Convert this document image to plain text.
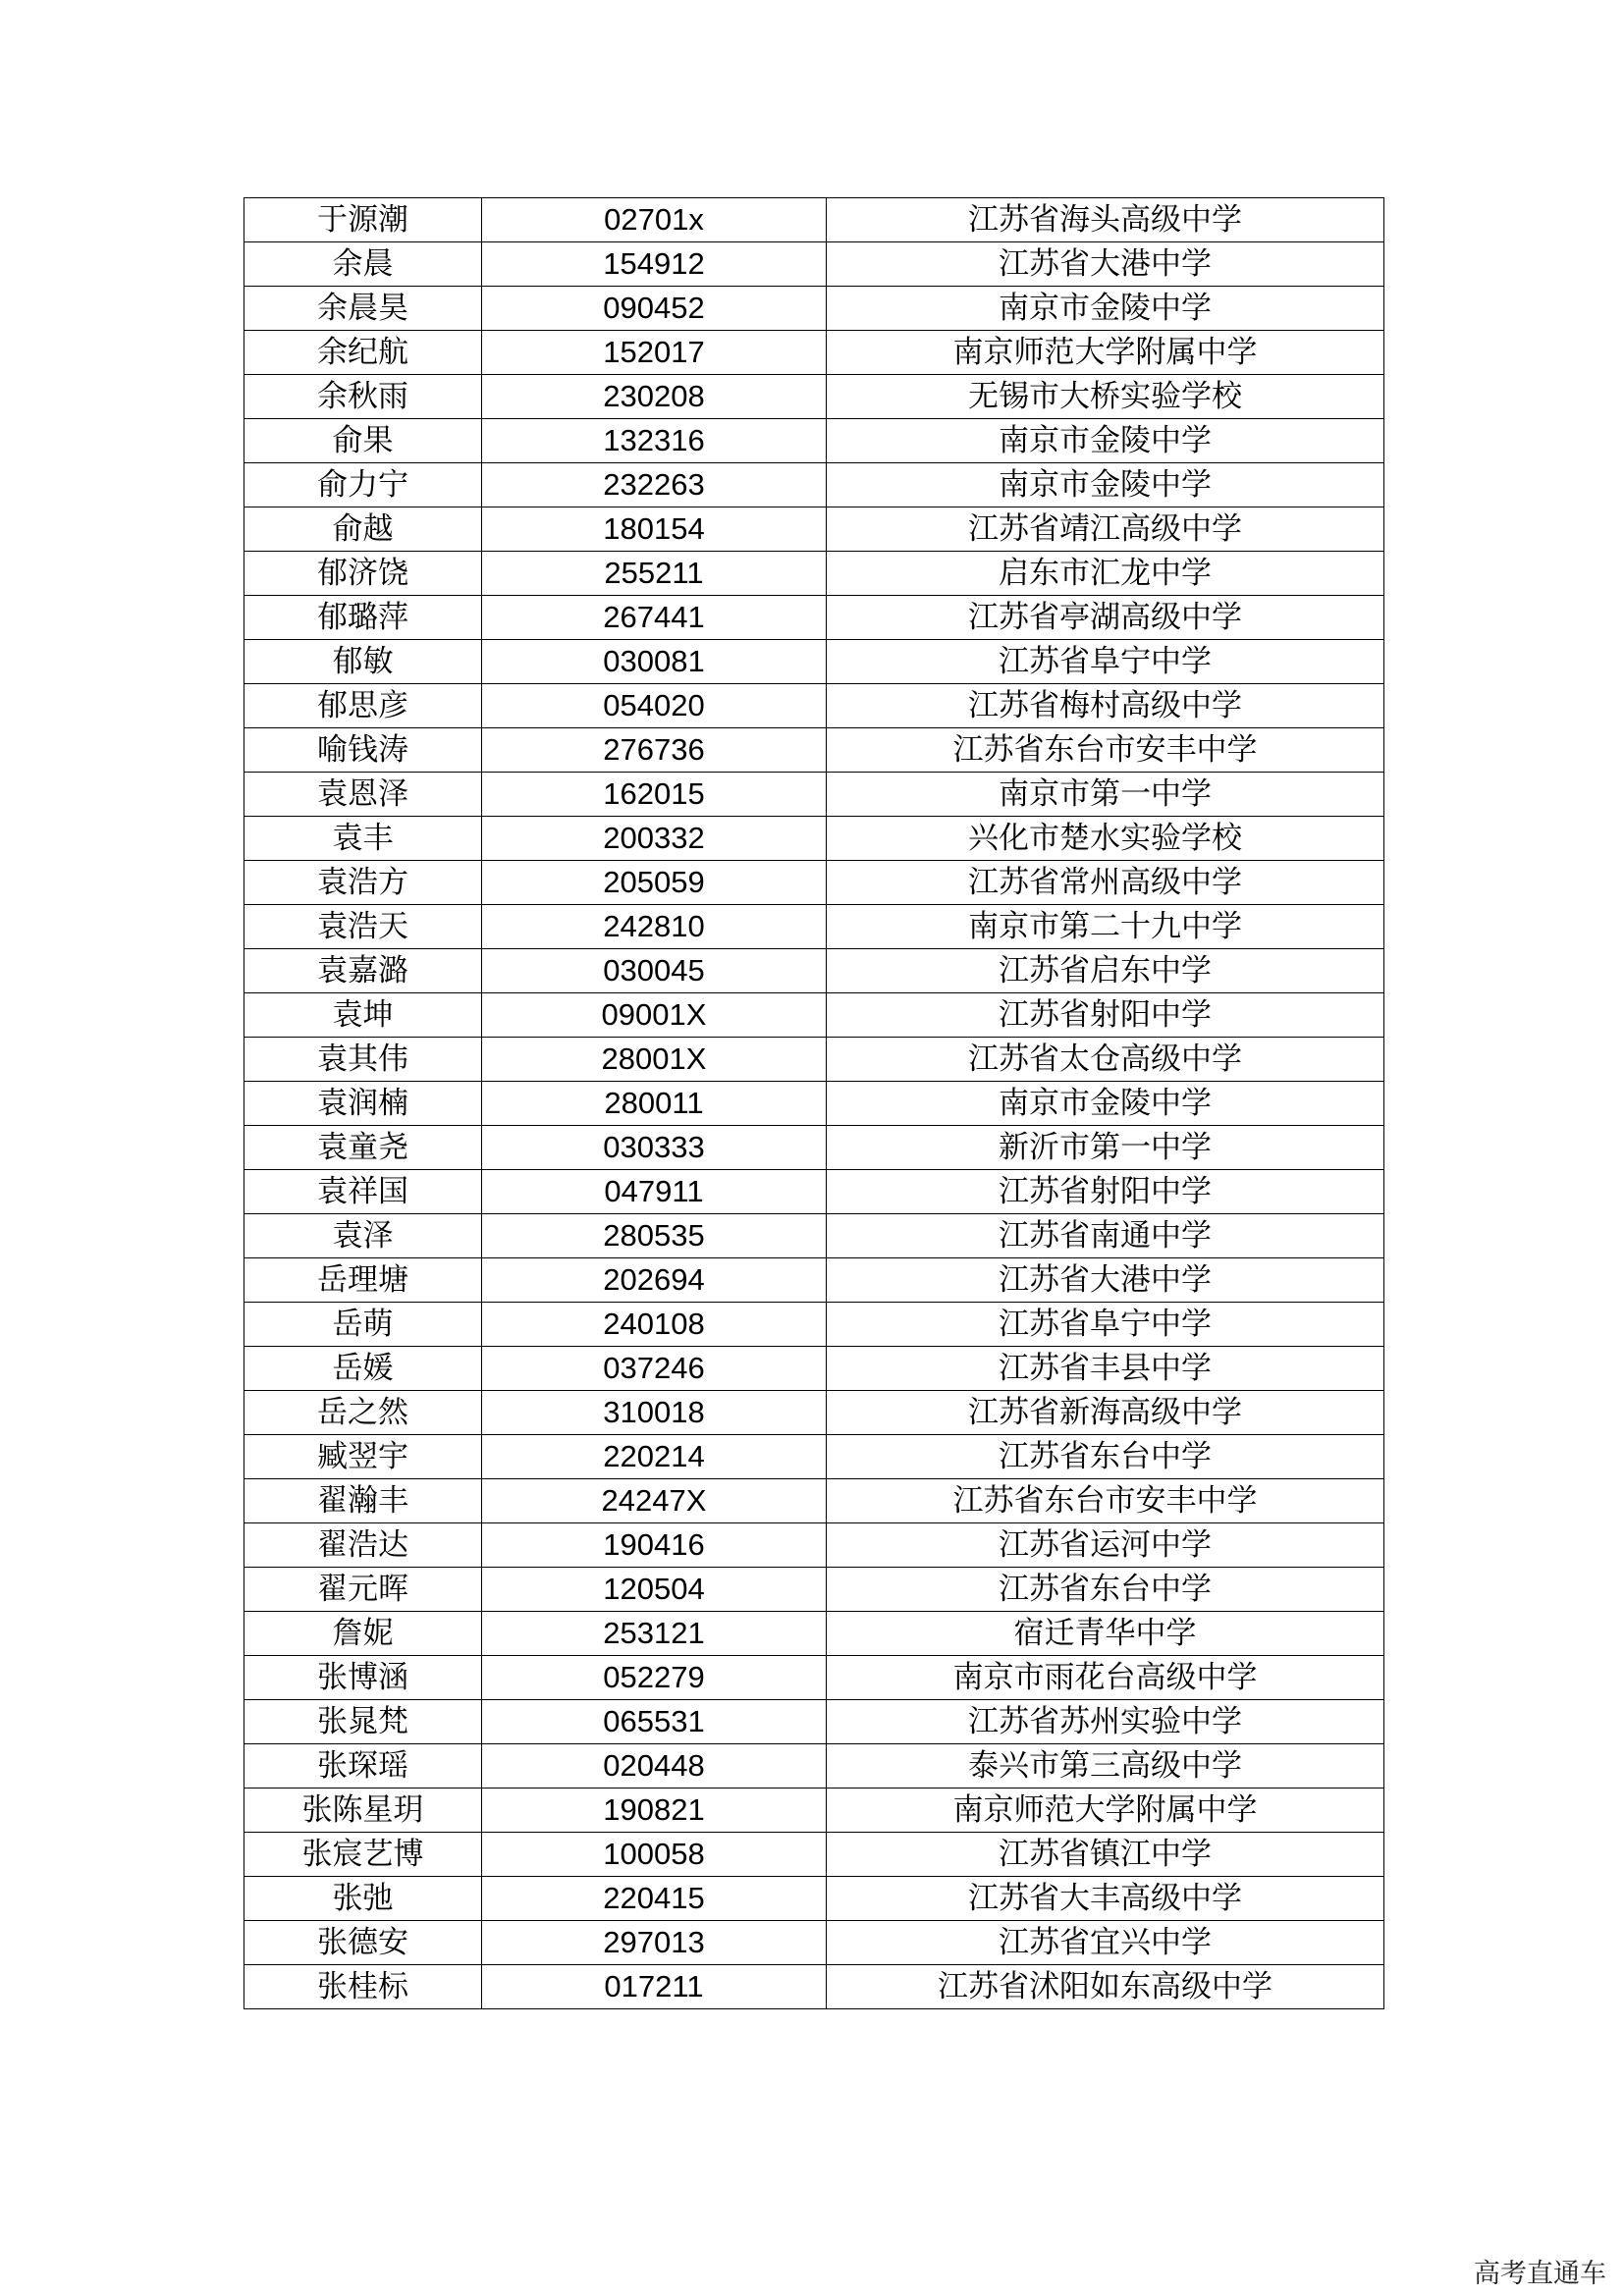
于源潮	02701x	江苏省海头高级中学
余晨	154912	江苏省大港中学
余晨昊	090452	南京市金陵中学
余纪航	152017	南京师范大学附属中学
余秋雨	230208	无锡市大桥实验学校
俞果	132316	南京市金陵中学
俞力宁	232263	南京市金陵中学
俞越	180154	江苏省靖江高级中学
郁济饶	255211	启东市汇龙中学
郁璐萍	267441	江苏省亭湖高级中学
郁敏	030081	江苏省阜宁中学
郁思彦	054020	江苏省梅村高级中学
喻钱涛	276736	江苏省东台市安丰中学
袁恩泽	162015	南京市第一中学
袁丰	200332	兴化市楚水实验学校
袁浩方	205059	江苏省常州高级中学
袁浩天	242810	南京市第二十九中学
袁嘉潞	030045	江苏省启东中学
袁坤	09001X	江苏省射阳中学
袁其伟	28001X	江苏省太仓高级中学
袁润楠	280011	南京市金陵中学
袁童尧	030333	新沂市第一中学
袁祥国	047911	江苏省射阳中学
袁泽	280535	江苏省南通中学
岳理塘	202694	江苏省大港中学
岳萌	240108	江苏省阜宁中学
岳媛	037246	江苏省丰县中学
岳之然	310018	江苏省新海高级中学
臧翌宇	220214	江苏省东台中学
翟瀚丰	24247X	江苏省东台市安丰中学
翟浩达	190416	江苏省运河中学
翟元晖	120504	江苏省东台中学
詹妮	253121	宿迁青华中学
张博涵	052279	南京市雨花台高级中学
张晁梵	065531	江苏省苏州实验中学
张琛瑶	020448	泰兴市第三高级中学
张陈星玥	190821	南京师范大学附属中学
张宸艺博	100058	江苏省镇江中学
张弛	220415	江苏省大丰高级中学
张德安	297013	江苏省宜兴中学
张桂标	017211	江苏省沭阳如东高级中学
高考直通车
